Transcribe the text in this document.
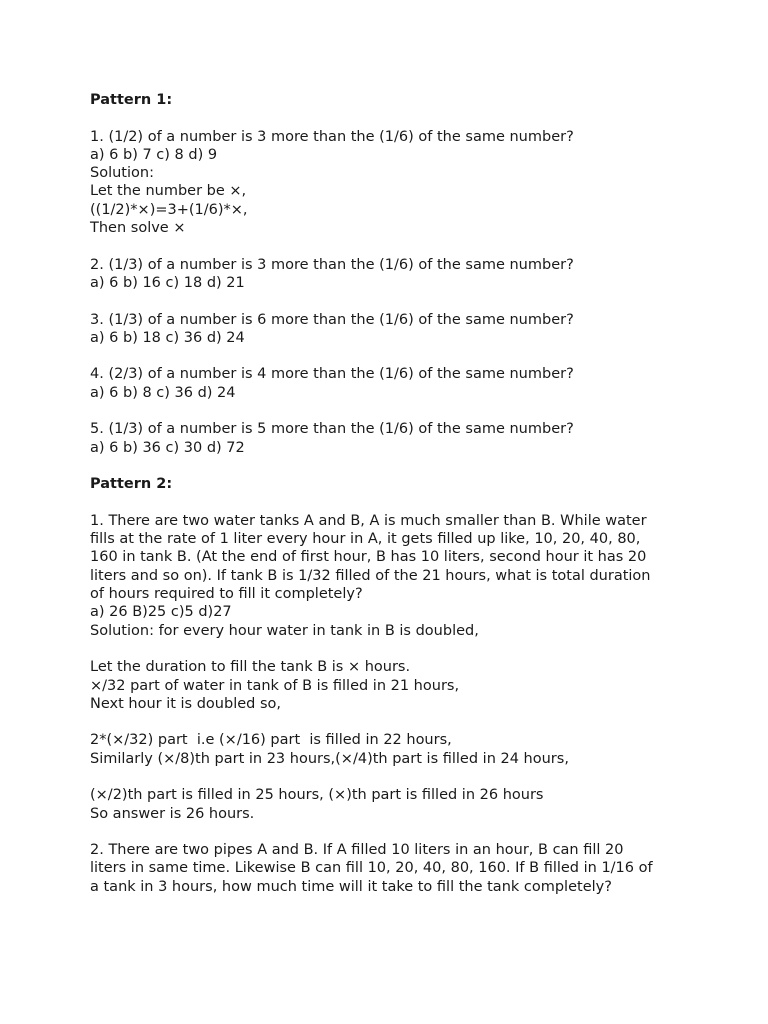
Pattern 1:

1. (1/2) of a number is 3 more than the (1/6) of the same number?

a) 6 b) 7 c) 8 d) 9

Solution:

Let the number be ×,

((1/2)*×)=3+(1/6)*×,

Then solve ×

2. (1/3) of a number is 3 more than the (1/6) of the same number?

a) 6 b) 16 c) 18 d) 21

3. (1/3) of a number is 6 more than the (1/6) of the same number?

a) 6 b) 18 c) 36 d) 24

4. (2/3) of a number is 4 more than the (1/6) of the same number?

a) 6 b) 8 c) 36 d) 24

5. (1/3) of a number is 5 more than the (1/6) of the same number?

a) 6 b) 36 c) 30 d) 72

Pattern 2:

1. There are two water tanks A and B, A is much smaller than B. While water

fills at the rate of 1 liter every hour in A, it gets filled up like, 10, 20, 40, 80,

160 in tank B. (At the end of first hour, B has 10 liters, second hour it has 20

liters and so on). If tank B is 1/32 filled of the 21 hours, what is total duration

of hours required to fill it completely?

a) 26 B)25 c)5 d)27

Solution: for every hour water in tank in B is doubled,

Let the duration to fill the tank B is × hours.

×/32 part of water in tank of B is filled in 21 hours,

Next hour it is doubled so,

2*(×/32) part  i.e (×/16) part  is filled in 22 hours,

Similarly (×/8)th part in 23 hours,(×/4)th part is filled in 24 hours,

(×/2)th part is filled in 25 hours, (×)th part is filled in 26 hours

So answer is 26 hours.

2. There are two pipes A and B. If A filled 10 liters in an hour, B can fill 20

liters in same time. Likewise B can fill 10, 20, 40, 80, 160. If B filled in 1/16 of

a tank in 3 hours, how much time will it take to fill the tank completely?
